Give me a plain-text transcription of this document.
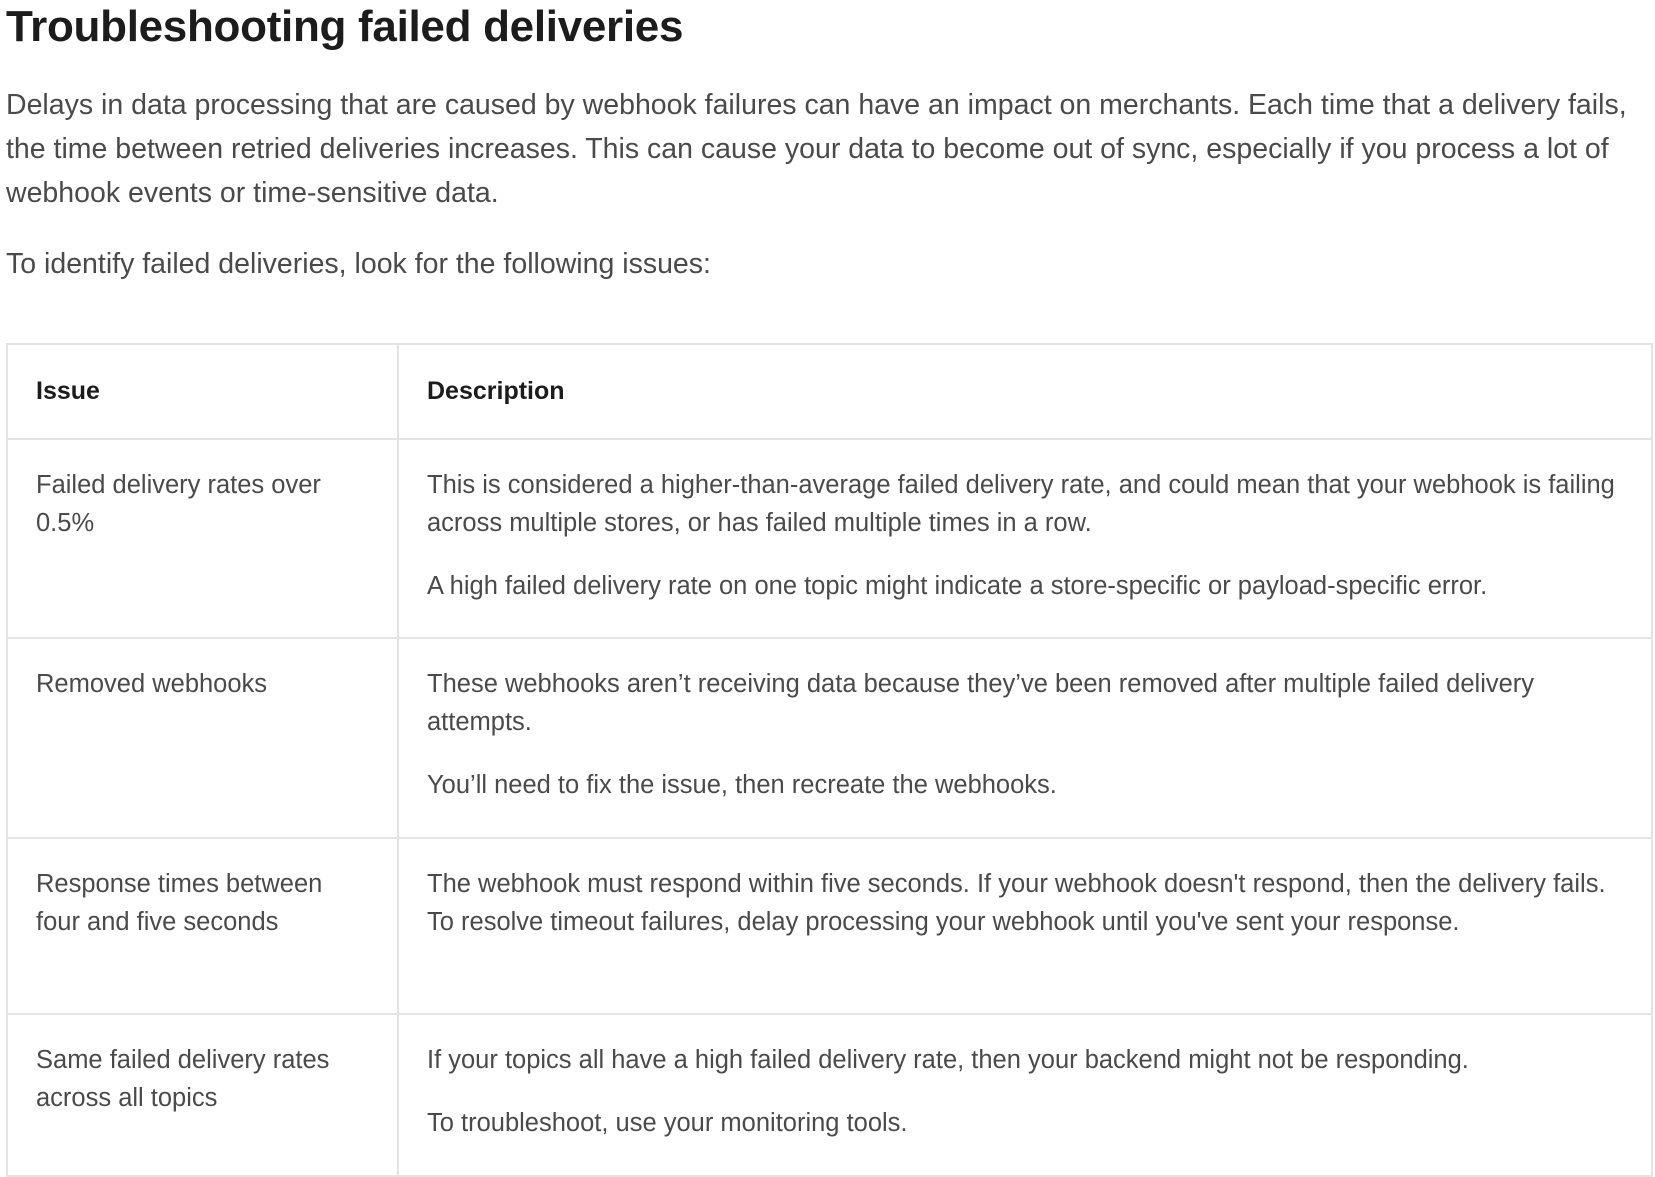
Troubleshooting failed deliveries

Delays in data processing that are caused by webhook failures can have an impact on merchants. Each time that a delivery fails, the time between retried deliveries increases. This can cause your data to become out of sync, especially if you process a lot of webhook events or time-sensitive data.

To identify failed deliveries, look for the following issues:

Issue	Description
Failed delivery rates over 0.5%	This is considered a higher-than-average failed delivery rate, and could mean that your webhook is failing across multiple stores, or has failed multiple times in a row.

A high failed delivery rate on one topic might indicate a store-specific or payload-specific error.

Removed webhooks	These webhooks aren’t receiving data because they’ve been removed after multiple failed delivery attempts.

You’ll need to fix the issue, then recreate the webhooks.

Response times between four and five seconds	The webhook must respond within five seconds. If your webhook doesn't respond, then the delivery fails. To resolve timeout failures, delay processing your webhook until you've sent your response.

Same failed delivery rates across all topics	If your topics all have a high failed delivery rate, then your backend might not be responding.

To troubleshoot, use your monitoring tools.
